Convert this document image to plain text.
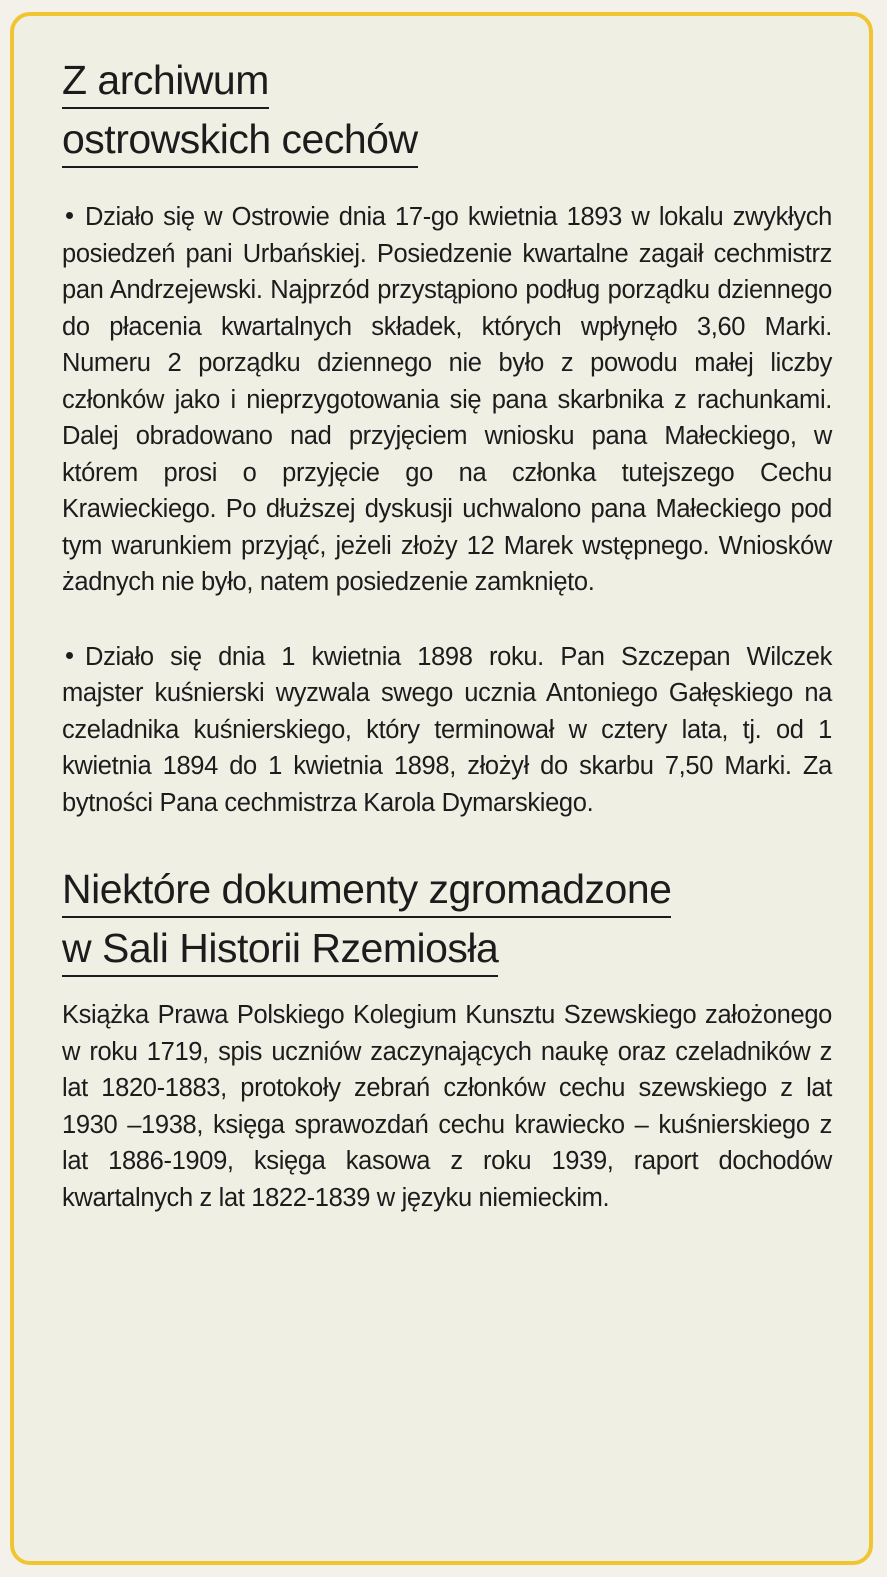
Z archiwum
ostrowskich cechów

Działo się w Ostrowie dnia 17-go kwietnia 1893 w lokalu zwykłych posiedzeń pani Urbańskiej. Posiedzenie kwartalne zagaił cechmistrz pan Andrzejewski. Najprzód przystąpiono podług porządku dziennego do płacenia kwartalnych składek, których wpłynęło 3,60 Marki. Numeru 2 porządku dziennego nie było z powodu małej liczby członków jako i nieprzygotowania się pana skarbnika z rachunkami. Dalej obradowano nad przyjęciem wniosku pana Małeckiego, w którem prosi o przyjęcie go na członka tutejszego Cechu Krawieckiego. Po dłuższej dyskusji uchwalono pana Małeckiego pod tym warunkiem przyjąć, jeżeli złoży 12 Marek wstępnego. Wniosków żadnych nie było, natem posiedzenie zamknięto.

Działo się dnia 1 kwietnia 1898 roku. Pan Szczepan Wilczek majster kuśnierski wyzwala swego ucznia Antoniego Gałęskiego na czeladnika kuśnierskiego, który terminował w cztery lata, tj. od 1 kwietnia 1894 do 1 kwietnia 1898, złożył do skarbu 7,50 Marki. Za bytności Pana cechmistrza Karola Dymarskiego.

Niektóre dokumenty zgromadzone
w Sali Historii Rzemiosła

Książka Prawa Polskiego Kolegium Kunsztu Szewskiego założonego w roku 1719, spis uczniów zaczynających naukę oraz czeladników z lat 1820-1883, protokoły zebrań członków cechu szewskiego z lat 1930 –1938, księga sprawozdań cechu krawiecko – kuśnierskiego z lat 1886-1909, księga kasowa z roku 1939, raport dochodów kwartalnych z lat 1822-1839 w języku niemieckim.
